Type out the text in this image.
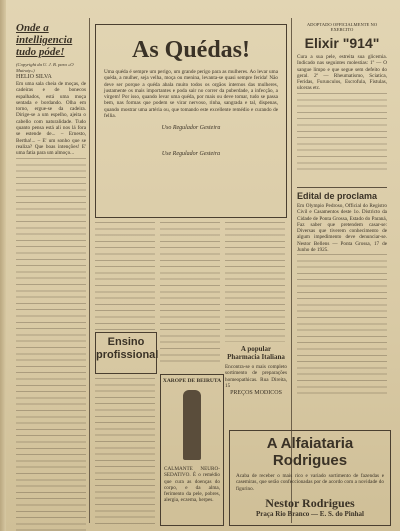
Onde a intelligencia tudo póde!
(Copyright da U. J. B. para «O Muiraty»)
HELIO SILVA

Em uma sala cheia de moças, de cadeiras e de bonecos espalhados, está uma moça sentada e bordando. Olha em torno, ergue-se da cadeira. Dirige-se a um espelho, ajeita o cabello com naturalidade. Tudo quanto pensa está ali nos lá fora se estende de... – Ernesto, Bertha!... – E' um sonho que se realiza? Que boas intenções! E' uma fatia para um almoço...

As Quédas!

Uma quéda é sempre um perigo, um grande perigo para as mulheres. Ao levar uma quéda, a mulher, seja velha, moça ou menina, levanta-se quasi sempre ferida! Não deve ser porque a quéda abala muito todos os orgãos internos das mulheres, justamente os mais importantes e poda sair no correr da puberdade, a infecção, a virgem! Por isso, quando levar uma quéda, por mais ou deve tomar, tudo se passa bem, nas formas que podem se virar nervoso, rinha, sangrada e tal, dispenas, quando mostrar uma artéria ou, que tomando este excellente remédio e curando de fellia.

Uso Regulador Gesteira
Use Regulador Gesteira

Ensino profissional

XAROPE DE BEIRUTA

CALMANTE NEURO-SEDATIVO. É o remédio que cura as doenças do corpo, e da alma, ferimento da pele, pobres, alergia, eczema, herpes.

A popular Pharmacia Italiana

Encontra-se o mais completo sortimento de preparações homeopathicas. Rua Direita, 15

PREÇOS MODICOS
ADOPTADO OFFICIALMENTE NO EXERCITO
Elixir "914"

Cura a sua pele, estreita sua glicemia. Indicado nas seguintes molestias: 1º — O sangue limpo e que segue sem defeito do geral. 2º — Rheumatismo, Sciatica, Feridas, Furunculos, Escrofula, Fistulas, ulceras etc.

Edital de proclama

Em Olympio Pedroso, Official do Registro Civil e Casamentos deste 1o. Districto da Cidade de Ponta Grossa, Estado do Paraná, Faz saber que pretendem casar-se: Diversas que tiverem conhecimento de algum impedimento deve denunciar-se. Nestor Bellens — Ponta Grossa, 17 de Junho de 1925.

A Alfaiataria Rodrigues

Acaba de receber o mais rico e variado sortimento de fazendas e casemiras, que serão confeccionadas por de acordo com a novidade do figurino.

Nestor Rodrigues
Praça Rio Branco — E. S. do Pinhal
